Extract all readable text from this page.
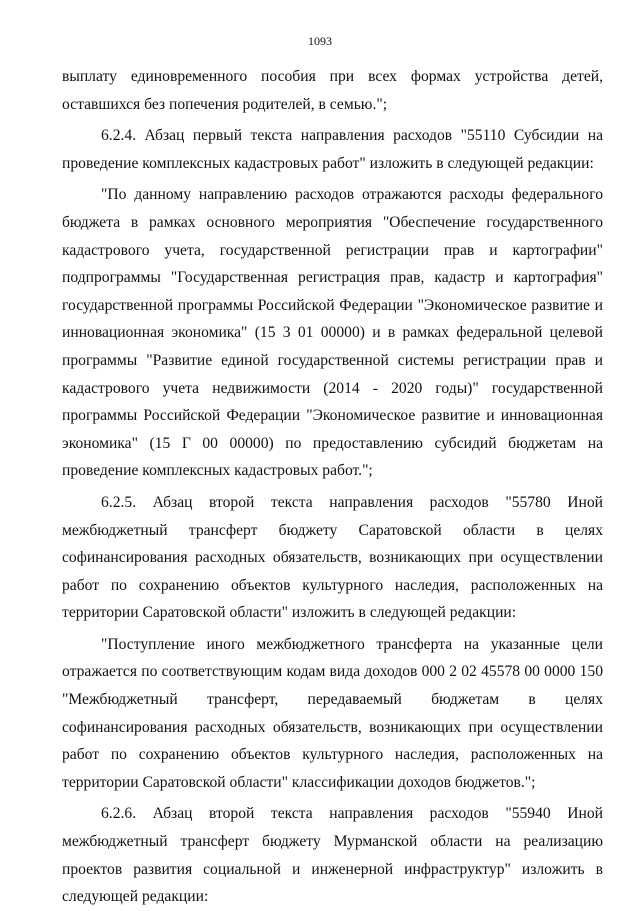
1093

выплату единовременного пособия при всех формах устройства детей, оставшихся без попечения родителей, в семью.";

6.2.4. Абзац первый текста направления расходов "55110 Субсидии на проведение комплексных кадастровых работ" изложить в следующей редакции:

"По данному направлению расходов отражаются расходы федерального бюджета в рамках основного мероприятия "Обеспечение государственного кадастрового учета, государственной регистрации прав и картографии" подпрограммы "Государственная регистрация прав, кадастр и картография" государственной программы Российской Федерации "Экономическое развитие и инновационная экономика" (15 3 01 00000) и в рамках федеральной целевой программы "Развитие единой государственной системы регистрации прав и кадастрового учета недвижимости (2014 - 2020 годы)" государственной программы Российской Федерации "Экономическое развитие и инновационная экономика" (15 Г 00 00000) по предоставлению субсидий бюджетам на проведение комплексных кадастровых работ.";

6.2.5. Абзац второй текста направления расходов "55780 Иной межбюджетный трансферт бюджету Саратовской области в целях софинансирования расходных обязательств, возникающих при осуществлении работ по сохранению объектов культурного наследия, расположенных на территории Саратовской области" изложить в следующей редакции:

"Поступление иного межбюджетного трансферта на указанные цели отражается по соответствующим кодам вида доходов 000 2 02 45578 00 0000 150 "Межбюджетный трансферт, передаваемый бюджетам в целях софинансирования расходных обязательств, возникающих при осуществлении работ по сохранению объектов культурного наследия, расположенных на территории Саратовской области" классификации доходов бюджетов.";

6.2.6. Абзац второй текста направления расходов "55940 Иной межбюджетный трансферт бюджету Мурманской области на реализацию проектов развития социальной и инженерной инфраструктур" изложить в следующей редакции:
